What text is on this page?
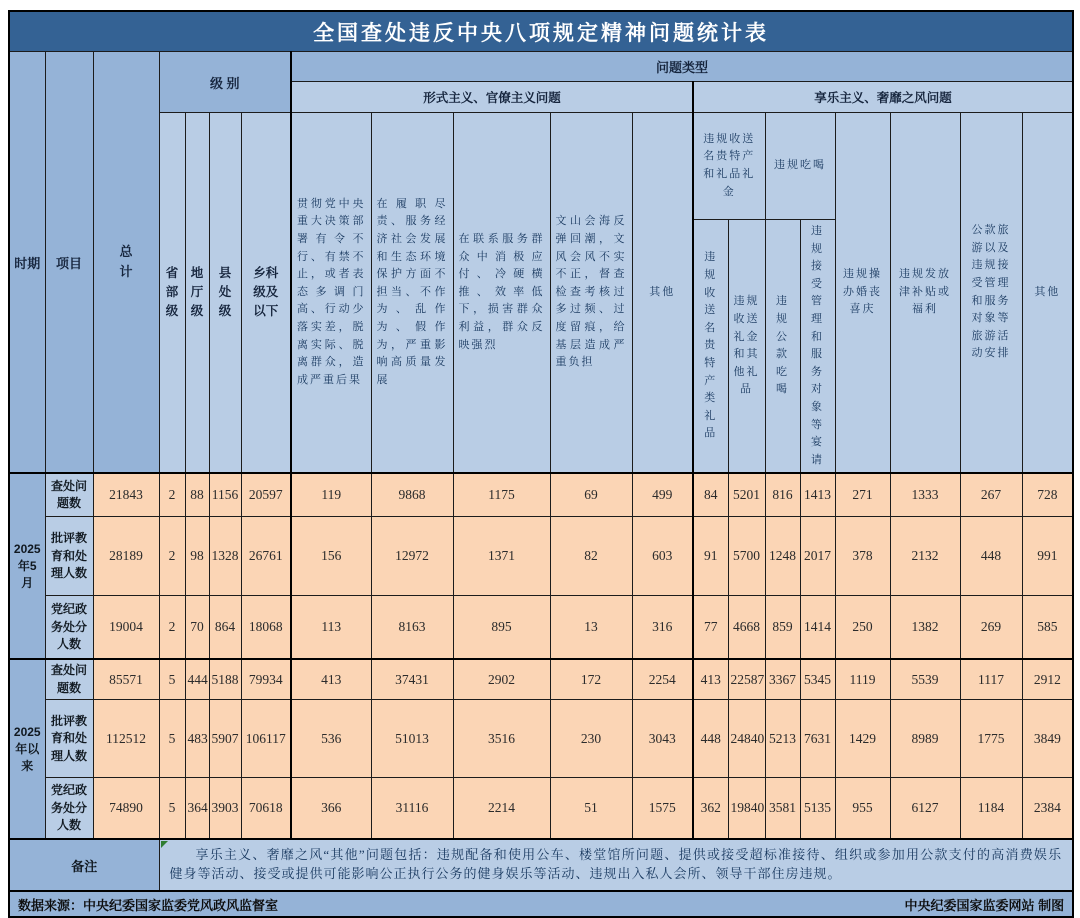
全国查处违反中央八项规定精神问题统计表																			
时期	项目	总计	级 别				问题类型												
							形式主义、官僚主义问题					享乐主义、奢靡之风问题							

			省部级	地厅级	县处级	乡科级及以下	贯彻党中央重大决策部署有令不行、有禁不止，或者表态多调门高、行动少落实差，脱离实际、脱离群众，造成严重后果	在履职尽责、服务经济社会发展和生态环境保护方面不担当、不作为、乱作为、假作为，严重影响高质量发展	在联系服务群众中消极应付、冷硬横推、效率低下，损害群众利益，群众反映强烈	文山会海反弹回潮，文风会风不实不正，督查检查考核过多过频、过度留痕，给基层造成严重负担	其他	违规收送名贵特产和礼品礼金		违规吃喝		违规操办婚丧喜庆	违规发放津补贴或福利	公款旅游以及违规接受管理和服务对象等旅游活动安排	其他
												违规收送名贵特产类礼品	违规收送礼金和其他礼品	违规公款吃喝	违规接受管理和服务对象等宴请				
2025年5月	查处问题数	21843	2	88	1156	20597	119	9868	1175	69	499	84	5201	816	1413	271	1333	267	728
	批评教育和处理人数	28189	2	98	1328	26761	156	12972	1371	82	603	91	5700	1248	2017	378	2132	448	991
	党纪政务处分人数	19004	2	70	864	18068	113	8163	895	13	316	77	4668	859	1414	250	1382	269	585
2025年以来	查处问题数	85571	5	444	5188	79934	413	37431	2902	172	2254	413	22587	3367	5345	1119	5539	1117	2912
	批评教育和处理人数	112512	5	483	5907	106117	536	51013	3516	230	3043	448	24840	5213	7631	1429	8989	1775	3849
	党纪政务处分人数	74890	5	364	3903	70618	366	31116	2214	51	1575	362	19840	3581	5135	955	6127	1184	2384
备注			享乐主义、奢靡之风“其他”问题包括：违规配备和使用公车、楼堂馆所问题、提供或接受超标准接待、组织或参加用公款支付的高消费娱乐健身等活动、接受或提供可能影响公正执行公务的健身娱乐等活动、违规出入私人会所、领导干部住房违规。																

数据来源：中央纪委国家监委党风政风监督室 中央纪委国家监委网站 制图																			
